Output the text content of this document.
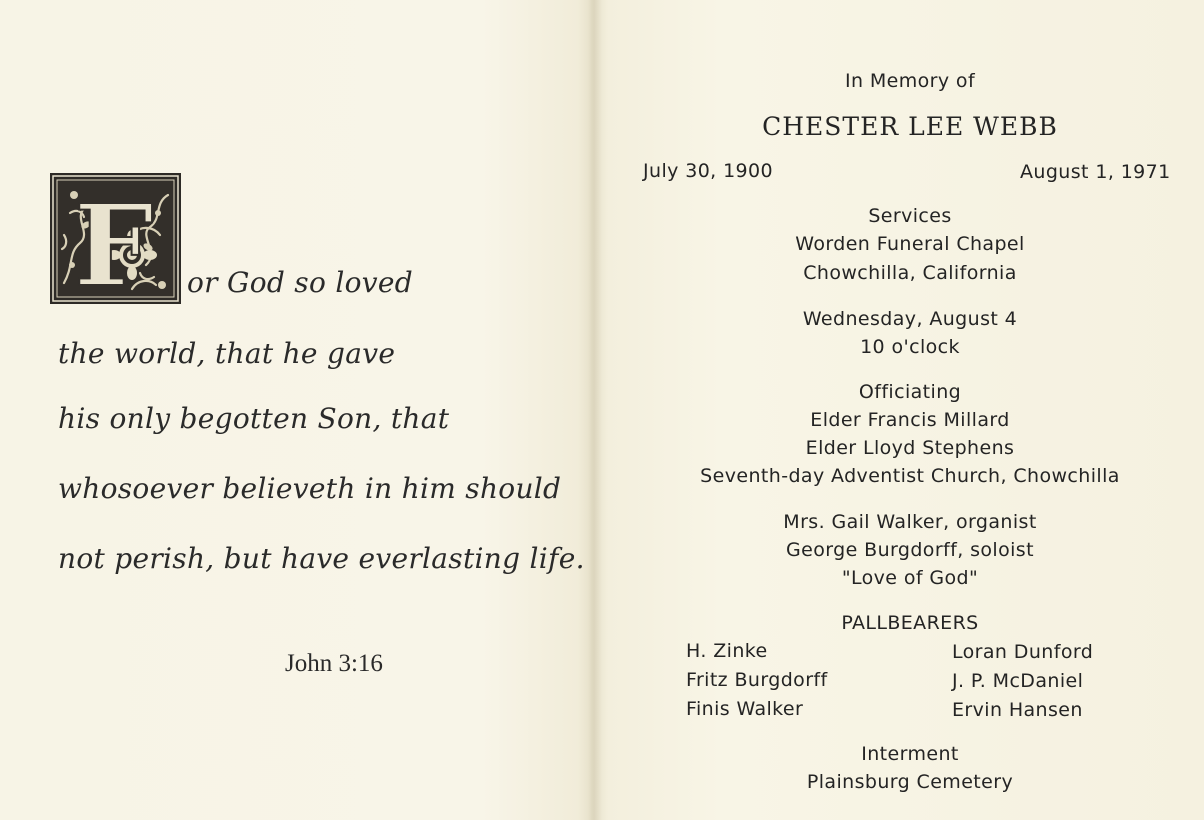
F or God so loved
the world, that he gave
his only begotten Son, that
whosoever believeth in him should
not perish, but have everlasting life.
John 3:16
In Memory of
CHESTER LEE WEBB
July 30, 1900	August 1, 1971
Services
Worden Funeral Chapel
Chowchilla, California
Wednesday, August 4
10 o'clock
Officiating
Elder Francis Millard
Elder Lloyd Stephens
Seventh-day Adventist Church, Chowchilla
Mrs. Gail Walker, organist
George Burgdorff, soloist
"Love of God"
PALLBEARERS
H. Zinke
Fritz Burgdorff
Finis Walker
Loran Dunford
J. P. McDaniel
Ervin Hansen
Interment
Plainsburg Cemetery
